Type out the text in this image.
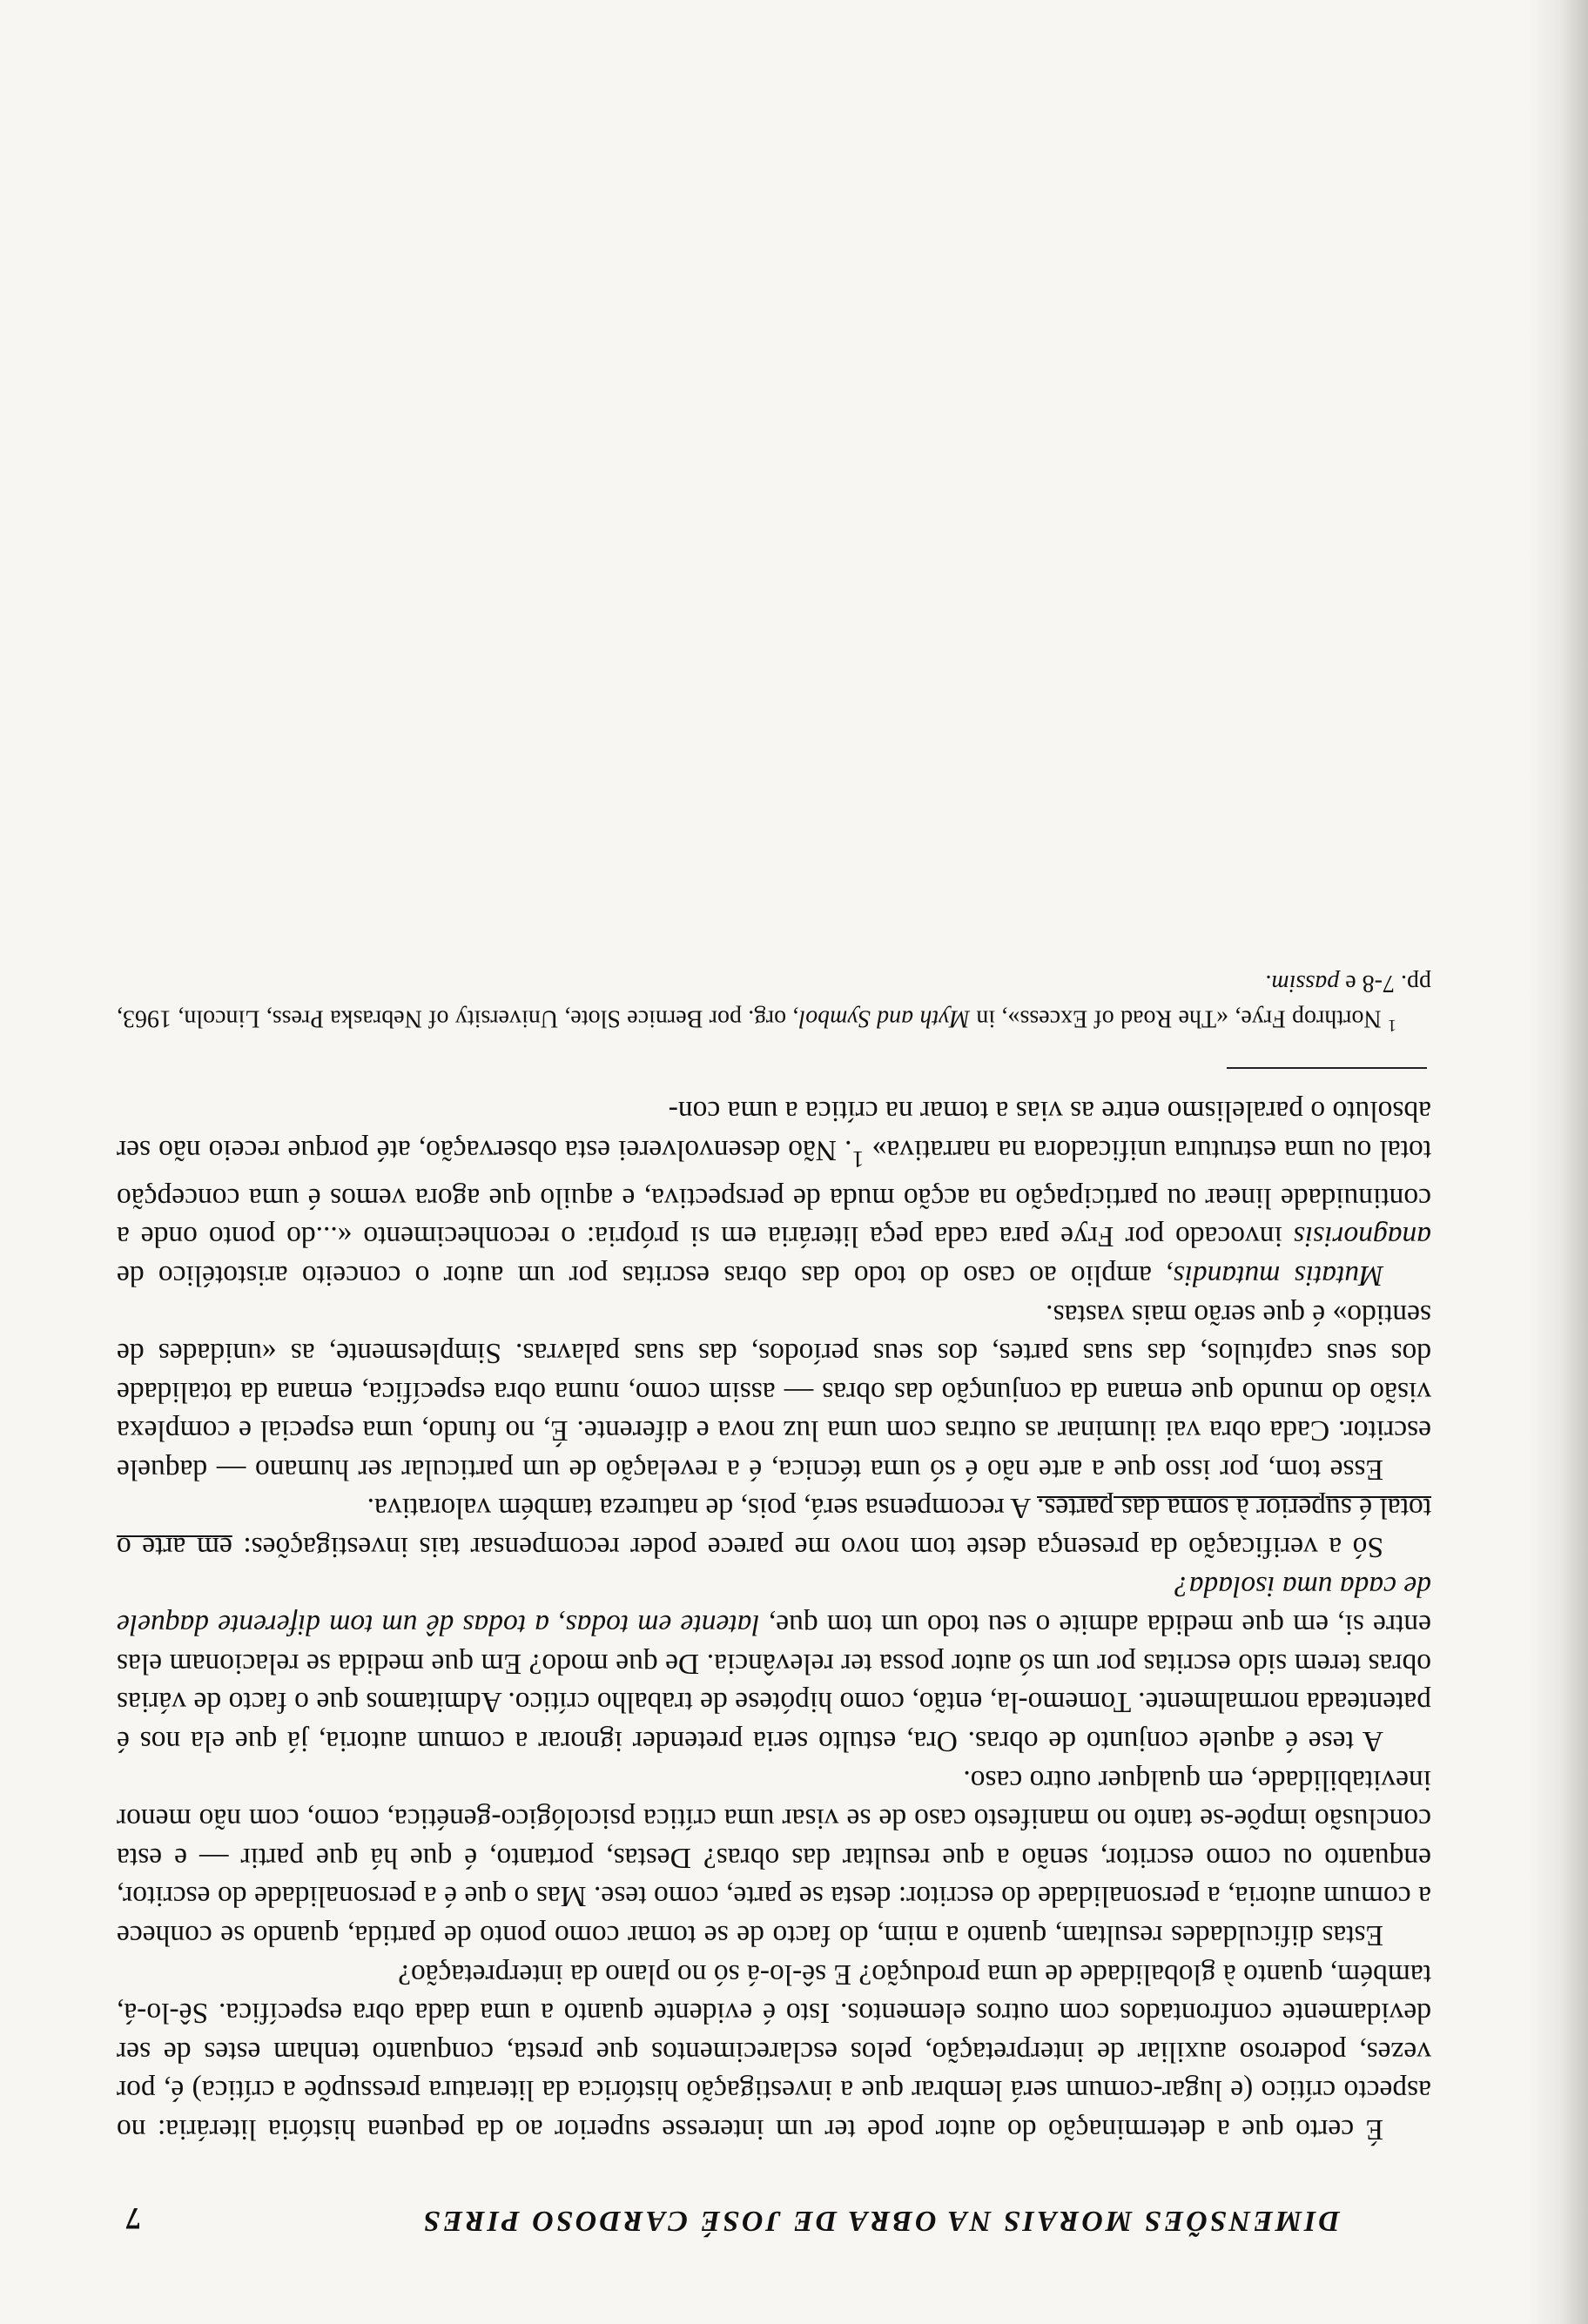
DIMENSÕES MORAIS NA OBRA DE JOSÉ CARDOSO PIRES
7

É certo que a determinação do autor pode ter um interesse superior ao da pequena história literária: no aspecto crítico (e lugar-comum será lembrar que a investigação histórica da literatura pressupõe a crítica) é, por vezes, poderoso auxiliar de interpretação, pelos esclarecimentos que presta, conquanto tenham estes de ser devidamente confrontados com outros elementos. Isto é evidente quanto a uma dada obra específica. Sê-lo-á, também, quanto à globalidade de uma produção? E sê-lo-á só no plano da interpretação?

Estas dificuldades resultam, quanto a mim, do facto de se tomar como ponto de partida, quando se conhece a comum autoria, a personalidade do escritor: desta se parte, como tese. Mas o que é a personalidade do escritor, enquanto ou como escritor, senão a que resultar das obras? Destas, portanto, é que há que partir — e esta conclusão impõe-se tanto no manifesto caso de se visar uma crítica psicológico-genética, como, com não menor inevitabilidade, em qualquer outro caso.

A tese é aquele conjunto de obras. Ora, estulto seria pretender ignorar a comum autoria, já que ela nos é patenteada normalmente. Tomemo-la, então, como hipótese de trabalho crítico. Admitamos que o facto de várias obras terem sido escritas por um só autor possa ter relevância. De que modo? Em que medida se relacionam elas entre si, em que medida admite o seu todo um tom que, latente em todas, a todas dê um tom diferente daquele de cada uma isolada?

Só a verificação da presença deste tom novo me parece poder recompensar tais investigações: em arte o total é superior à soma das partes. A recompensa será, pois, de natureza também valorativa.

Esse tom, por isso que a arte não é só uma técnica, é a revelação de um particular ser humano — daquele escritor. Cada obra vai iluminar as outras com uma luz nova e diferente. É, no fundo, uma especial e complexa visão do mundo que emana da conjunção das obras — assim como, numa obra específica, emana da totalidade dos seus capítulos, das suas partes, dos seus períodos, das suas palavras. Simplesmente, as «unidades de sentido» é que serão mais vastas.

Mutatis mutandis, amplio ao caso do todo das obras escritas por um autor o conceito aristotélico de anagnorisis invocado por Frye para cada peça literária em si própria: o reconhecimento «...do ponto onde a continuidade linear ou participação na acção muda de perspectiva, e aquilo que agora vemos é uma concepção total ou uma estrutura unificadora na narrativa» $^1$. Não desenvolverei esta observação, até porque receio não ser absoluto o paralelismo entre as vias a tomar na crítica a uma con-

$^1$ Northrop Frye, «The Road of Excess», in Myth and Symbol, org. por Bernice Slote, University of Nebraska Press, Lincoln, 1963, pp. 7-8 e passim.
